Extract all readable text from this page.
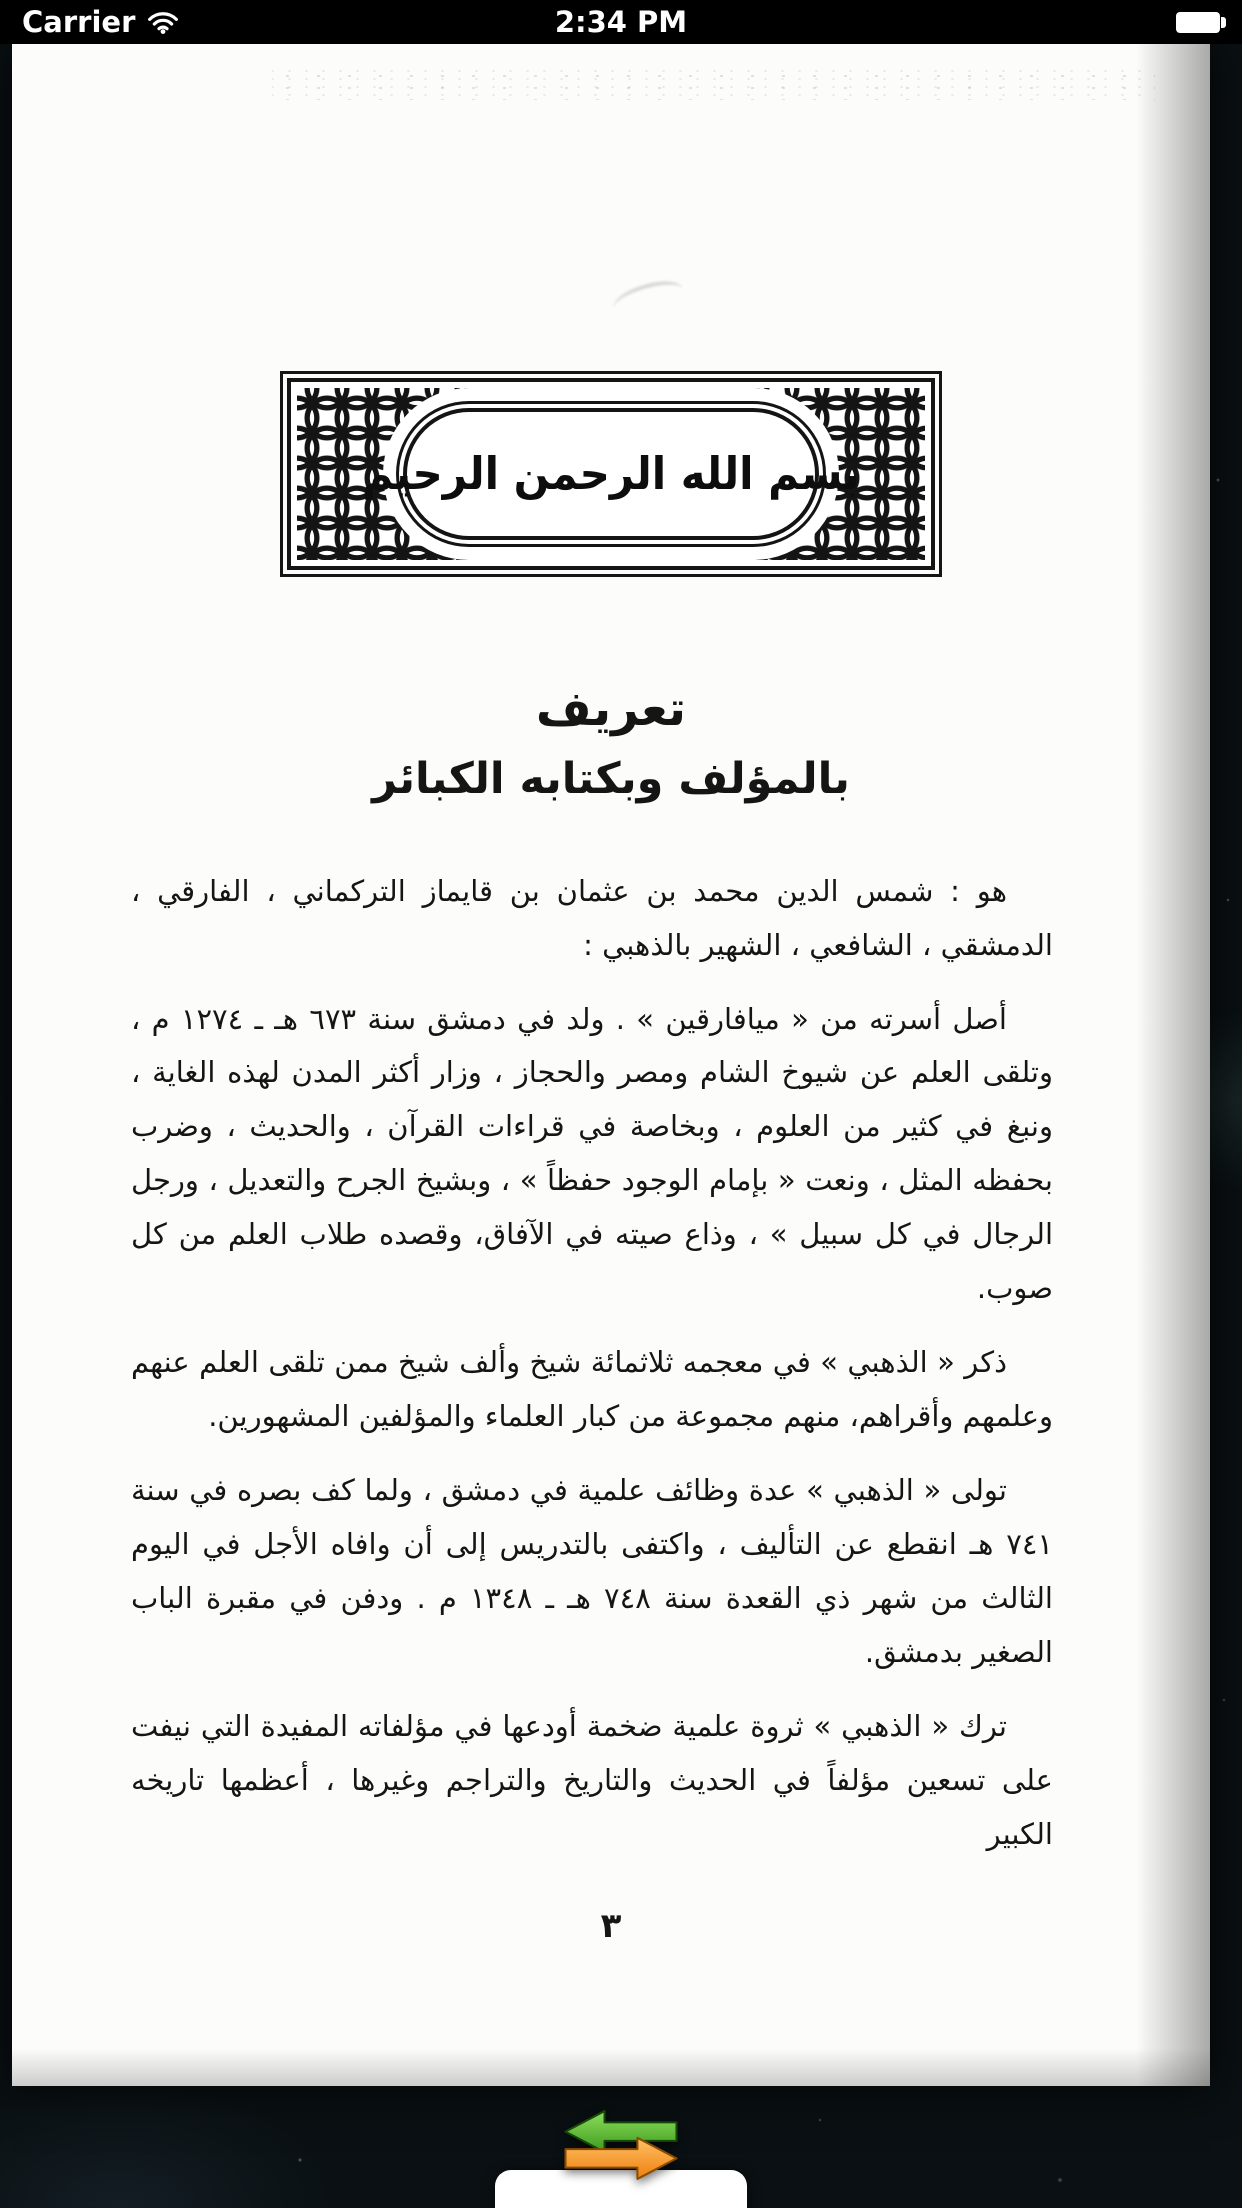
Carrier	2:34 PM
بسم الله الرحمن الرحيم
تعريف
بالمؤلف وبكتابه الكبائر

هو : شمس الدين محمد بن عثمان بن قايماز التركماني ، الفارقي ، الدمشقي ، الشافعي ، الشهير بالذهبي :

أصل أسرته من « ميافارقين » . ولد في دمشق سنة ٦٧٣ هـ ـ ١٢٧٤ م ، وتلقى العلم عن شيوخ الشام ومصر والحجاز ، وزار أكثر المدن لهذه الغاية ، ونبغ في كثير من العلوم ، وبخاصة في قراءات القرآن ، والحديث ، وضرب بحفظه المثل ، ونعت « بإمام الوجود حفظاً » ، وبشيخ الجرح والتعديل ، ورجل الرجال في كل سبيل » ، وذاع صيته في الآفاق، وقصده طلاب العلم من كل صوب.

ذكر « الذهبي » في معجمه ثلاثمائة شيخ وألف شيخ ممن تلقى العلم عنهم وعلمهم وأقراهم، منهم مجموعة من كبار العلماء والمؤلفين المشهورين.

تولى « الذهبي » عدة وظائف علمية في دمشق ، ولما كف بصره في سنة ٧٤١ هـ انقطع عن التأليف ، واكتفى بالتدريس إلى أن وافاه الأجل في اليوم الثالث من شهر ذي القعدة سنة ٧٤٨ هـ ـ ١٣٤٨ م . ودفن في مقبرة الباب الصغير بدمشق.

ترك « الذهبي » ثروة علمية ضخمة أودعها في مؤلفاته المفيدة التي نيفت على تسعين مؤلفاً في الحديث والتاريخ والتراجم وغيرها ، أعظمها تاريخه الكبير

٣
